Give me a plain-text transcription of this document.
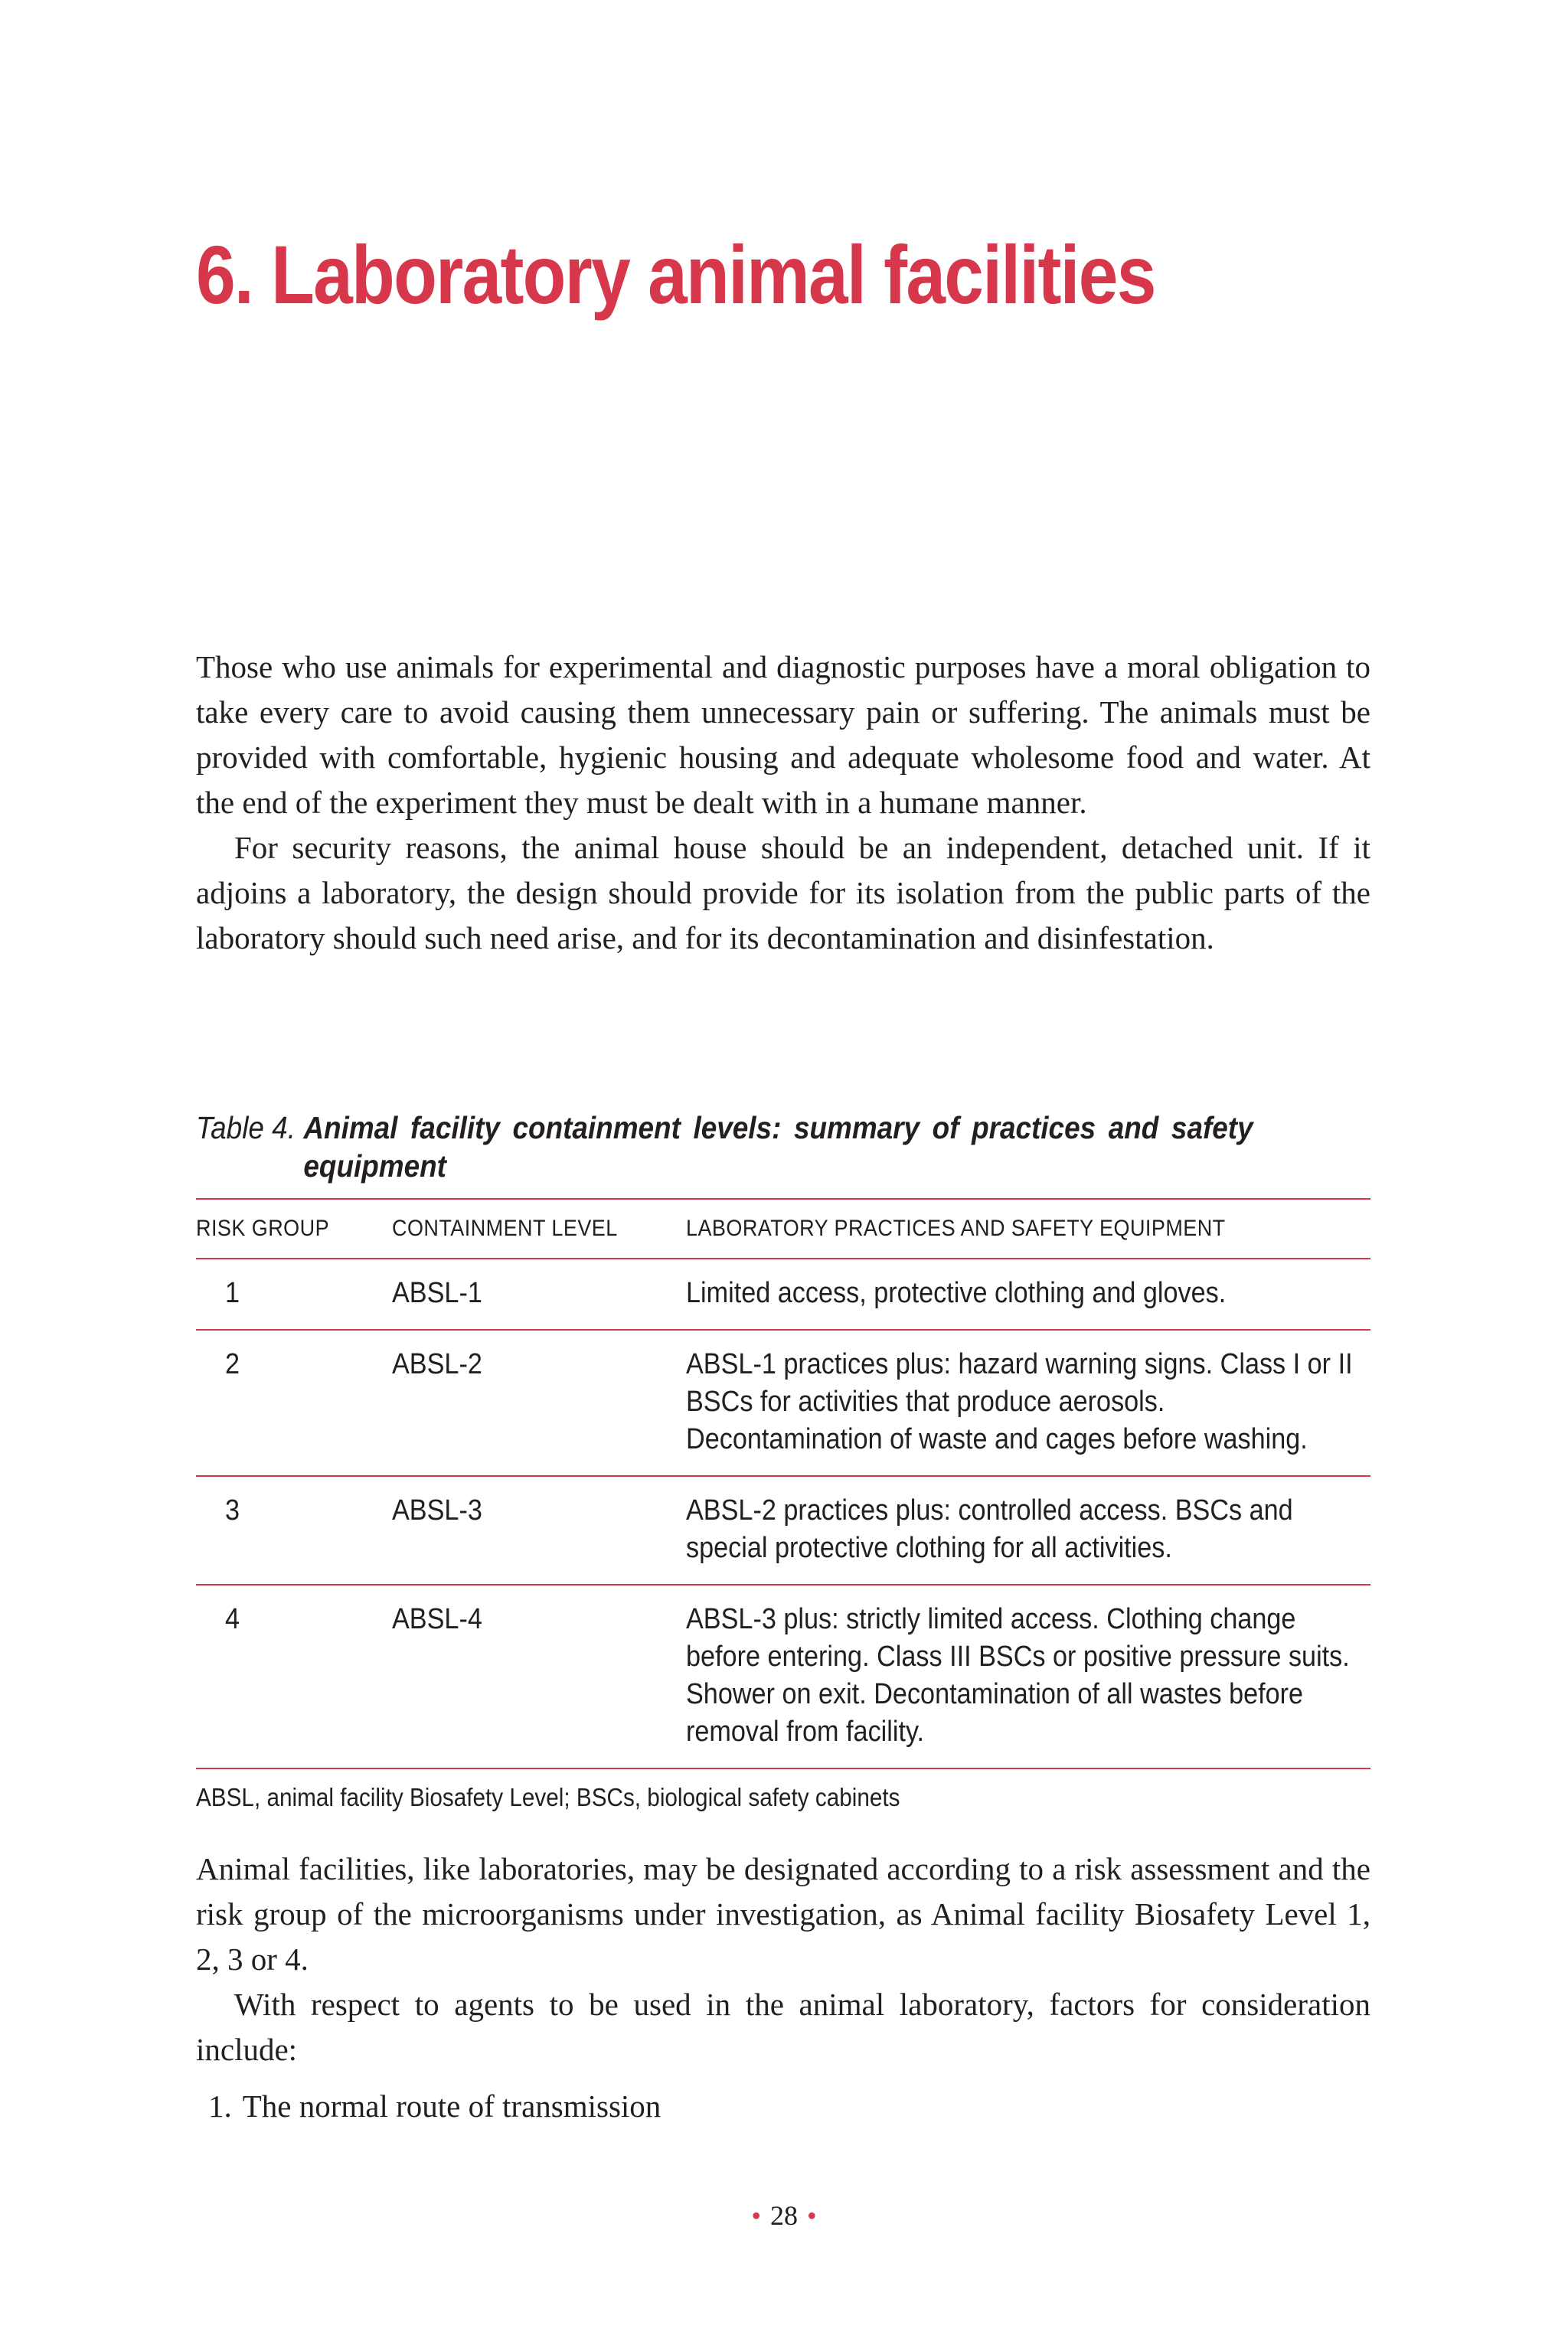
6. Laboratory animal facilities

Those who use animals for experimental and diagnostic purposes have a moral obligation to take every care to avoid causing them unnecessary pain or suffering. The animals must be provided with comfortable, hygienic housing and adequate wholesome food and water. At the end of the experiment they must be dealt with in a humane manner.

For security reasons, the animal house should be an independent, detached unit. If it adjoins a laboratory, the design should provide for its isolation from the public parts of the laboratory should such need arise, and for its decontamination and disinfestation.

Table 4. Animal facility containment levels: summary of practices and safety equipment
RISK GROUP	CONTAINMENT LEVEL	LABORATORY PRACTICES AND SAFETY EQUIPMENT
1	ABSL-1	Limited access, protective clothing and gloves.
2	ABSL-2	ABSL-1 practices plus: hazard warning signs. Class I or II BSCs for activities that produce aerosols. Decontamination of waste and cages before washing.
3	ABSL-3	ABSL-2 practices plus: controlled access. BSCs and special protective clothing for all activities.
4	ABSL-4	ABSL-3 plus: strictly limited access. Clothing change before entering. Class III BSCs or positive pressure suits. Shower on exit. Decontamination of all wastes before removal from facility.
ABSL, animal facility Biosafety Level; BSCs, biological safety cabinets

Animal facilities, like laboratories, may be designated according to a risk assessment and the risk group of the microorganisms under investigation, as Animal facility Biosafety Level 1, 2, 3 or 4.

With respect to agents to be used in the animal laboratory, factors for consideration include:

1. The normal route of transmission
• 28 •
